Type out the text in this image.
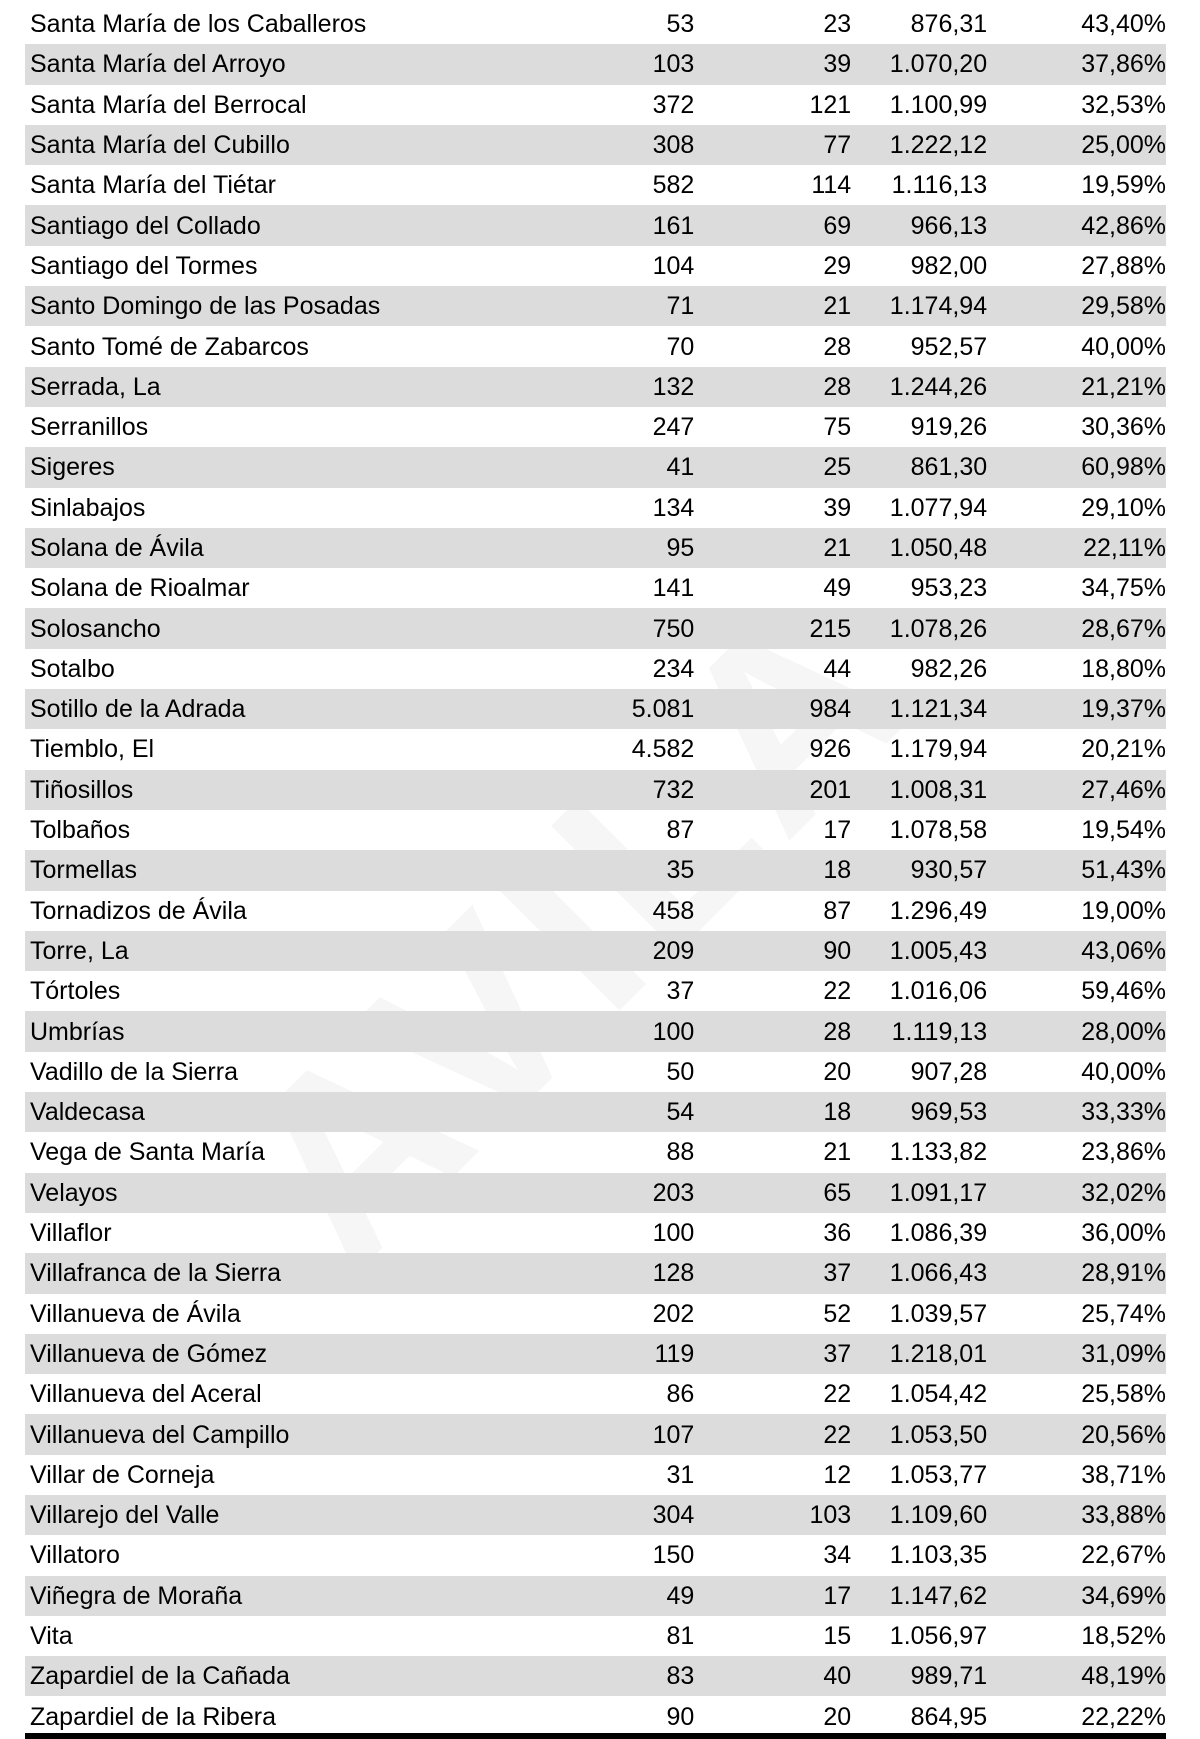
Santa María de los Caballeros	53	23	876,31	43,40%
Santa María del Arroyo	103	39	1.070,20	37,86%
Santa María del Berrocal	372	121	1.100,99	32,53%
Santa María del Cubillo	308	77	1.222,12	25,00%
Santa María del Tiétar	582	114	1.116,13	19,59%
Santiago del Collado	161	69	966,13	42,86%
Santiago del Tormes	104	29	982,00	27,88%
Santo Domingo de las Posadas	71	21	1.174,94	29,58%
Santo Tomé de Zabarcos	70	28	952,57	40,00%
Serrada, La	132	28	1.244,26	21,21%
Serranillos	247	75	919,26	30,36%
Sigeres	41	25	861,30	60,98%
Sinlabajos	134	39	1.077,94	29,10%
Solana de Ávila	95	21	1.050,48	22,11%
Solana de Rioalmar	141	49	953,23	34,75%
Solosancho	750	215	1.078,26	28,67%
Sotalbo	234	44	982,26	18,80%
Sotillo de la Adrada	5.081	984	1.121,34	19,37%
Tiemblo, El	4.582	926	1.179,94	20,21%
Tiñosillos	732	201	1.008,31	27,46%
Tolbaños	87	17	1.078,58	19,54%
Tormellas	35	18	930,57	51,43%
Tornadizos de Ávila	458	87	1.296,49	19,00%
Torre, La	209	90	1.005,43	43,06%
Tórtoles	37	22	1.016,06	59,46%
Umbrías	100	28	1.119,13	28,00%
Vadillo de la Sierra	50	20	907,28	40,00%
Valdecasa	54	18	969,53	33,33%
Vega de Santa María	88	21	1.133,82	23,86%
Velayos	203	65	1.091,17	32,02%
Villaflor	100	36	1.086,39	36,00%
Villafranca de la Sierra	128	37	1.066,43	28,91%
Villanueva de Ávila	202	52	1.039,57	25,74%
Villanueva de Gómez	119	37	1.218,01	31,09%
Villanueva del Aceral	86	22	1.054,42	25,58%
Villanueva del Campillo	107	22	1.053,50	20,56%
Villar de Corneja	31	12	1.053,77	38,71%
Villarejo del Valle	304	103	1.109,60	33,88%
Villatoro	150	34	1.103,35	22,67%
Viñegra de Moraña	49	17	1.147,62	34,69%
Vita	81	15	1.056,97	18,52%
Zapardiel de la Cañada	83	40	989,71	48,19%
Zapardiel de la Ribera	90	20	864,95	22,22%
